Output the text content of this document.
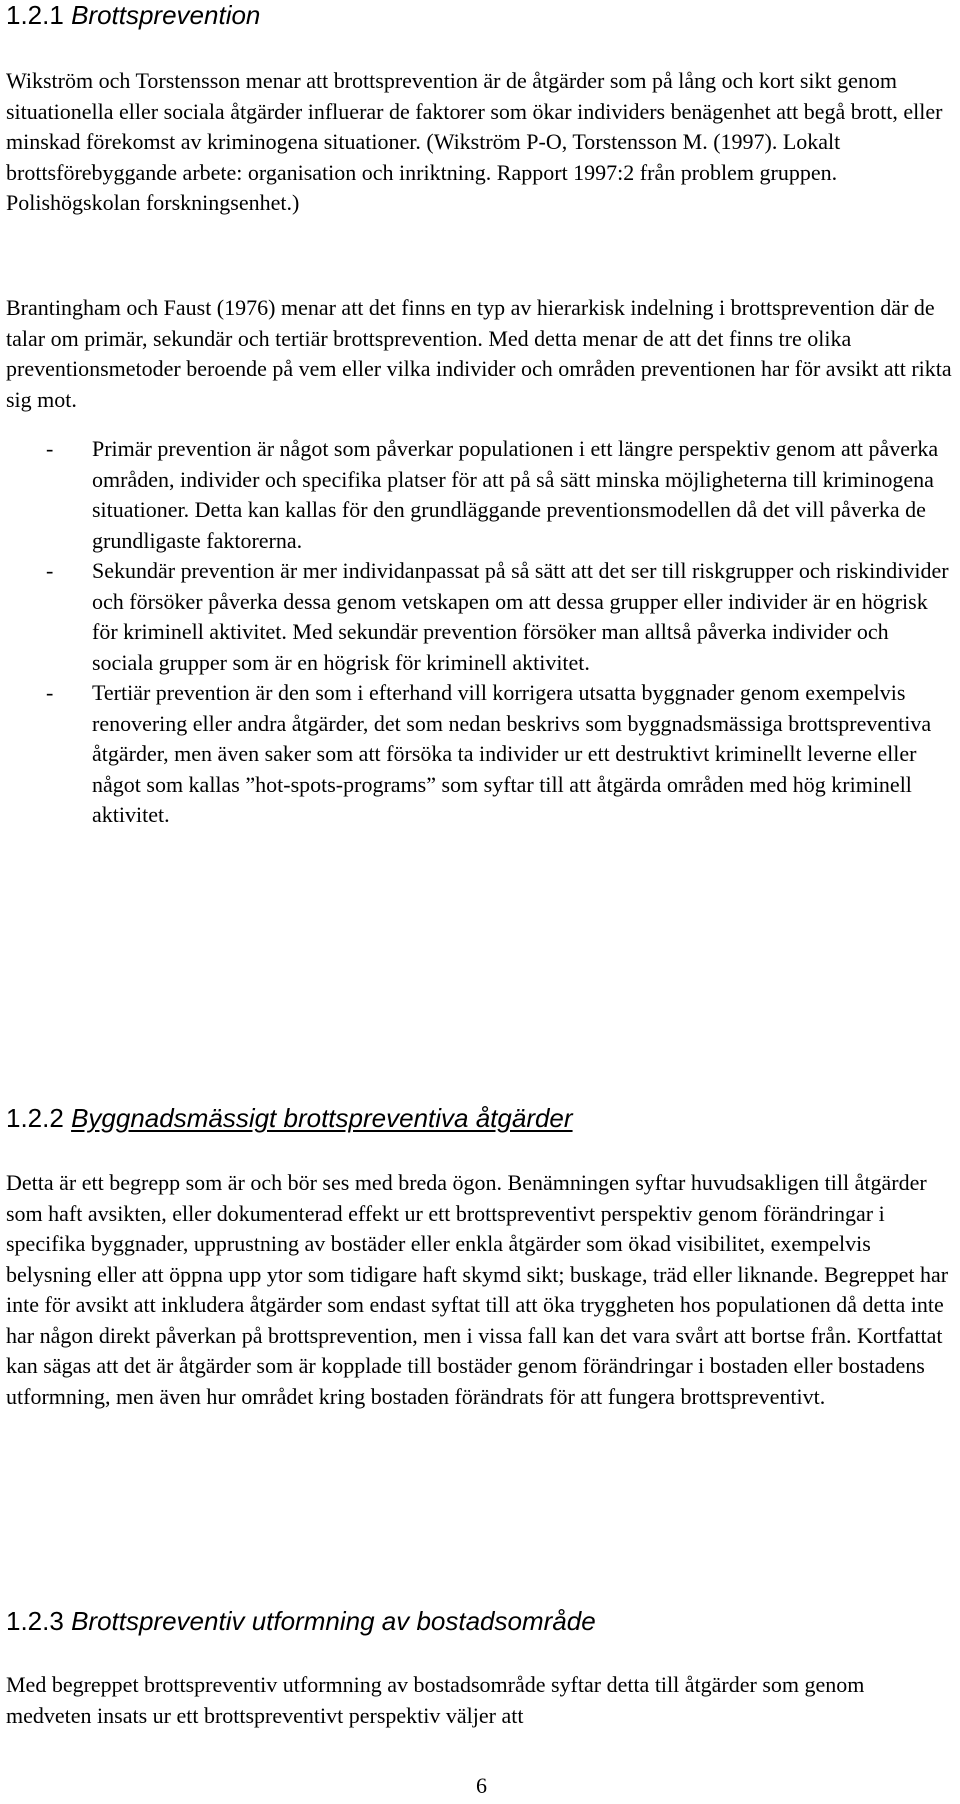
1.2.1 Brottsprevention

Wikström och Torstensson menar att brottsprevention är de åtgärder som på lång och kort sikt genom situationella eller sociala åtgärder influerar de faktorer som ökar individers benägenhet att begå brott, eller minskad förekomst av kriminogena situationer. (Wikström P-O, Torstensson M. (1997). Lokalt brottsförebyggande arbete: organisation och inriktning. Rapport 1997:2 från problem gruppen. Polishögskolan forskningsenhet.)

Brantingham och Faust (1976) menar att det finns en typ av hierarkisk indelning i brottsprevention där de talar om primär, sekundär och tertiär brottsprevention. Med detta menar de att det finns tre olika preventionsmetoder beroende på vem eller vilka individer och områden preventionen har för avsikt att rikta sig mot.

- Primär prevention är något som påverkar populationen i ett längre perspektiv genom att påverka områden, individer och specifika platser för att på så sätt minska möjligheterna till kriminogena situationer. Detta kan kallas för den grundläggande preventionsmodellen då det vill påverka de grundligaste faktorerna.
- Sekundär prevention är mer individanpassat på så sätt att det ser till riskgrupper och riskindivider och försöker påverka dessa genom vetskapen om att dessa grupper eller individer är en högrisk för kriminell aktivitet. Med sekundär prevention försöker man alltså påverka individer och sociala grupper som är en högrisk för kriminell aktivitet.
- Tertiär prevention är den som i efterhand vill korrigera utsatta byggnader genom exempelvis renovering eller andra åtgärder, det som nedan beskrivs som byggnadsmässiga brottspreventiva åtgärder, men även saker som att försöka ta individer ur ett destruktivt kriminellt leverne eller något som kallas ”hot-spots-programs” som syftar till att åtgärda områden med hög kriminell aktivitet.
1.2.2 Byggnadsmässigt brottspreventiva åtgärder

Detta är ett begrepp som är och bör ses med breda ögon. Benämningen syftar huvudsakligen till åtgärder som haft avsikten, eller dokumenterad effekt ur ett brottspreventivt perspektiv genom förändringar i specifika byggnader, upprustning av bostäder eller enkla åtgärder som ökad visibilitet, exempelvis belysning eller att öppna upp ytor som tidigare haft skymd sikt; buskage, träd eller liknande. Begreppet har inte för avsikt att inkludera åtgärder som endast syftat till att öka tryggheten hos populationen då detta inte har någon direkt påverkan på brottsprevention, men i vissa fall kan det vara svårt att bortse från. Kortfattat kan sägas att det är åtgärder som är kopplade till bostäder genom förändringar i bostaden eller bostadens utformning, men även hur området kring bostaden förändrats för att fungera brottspreventivt.

1.2.3 Brottspreventiv utformning av bostadsområde

Med begreppet brottspreventiv utformning av bostadsområde syftar detta till åtgärder som genom medveten insats ur ett brottspreventivt perspektiv väljer att

6
